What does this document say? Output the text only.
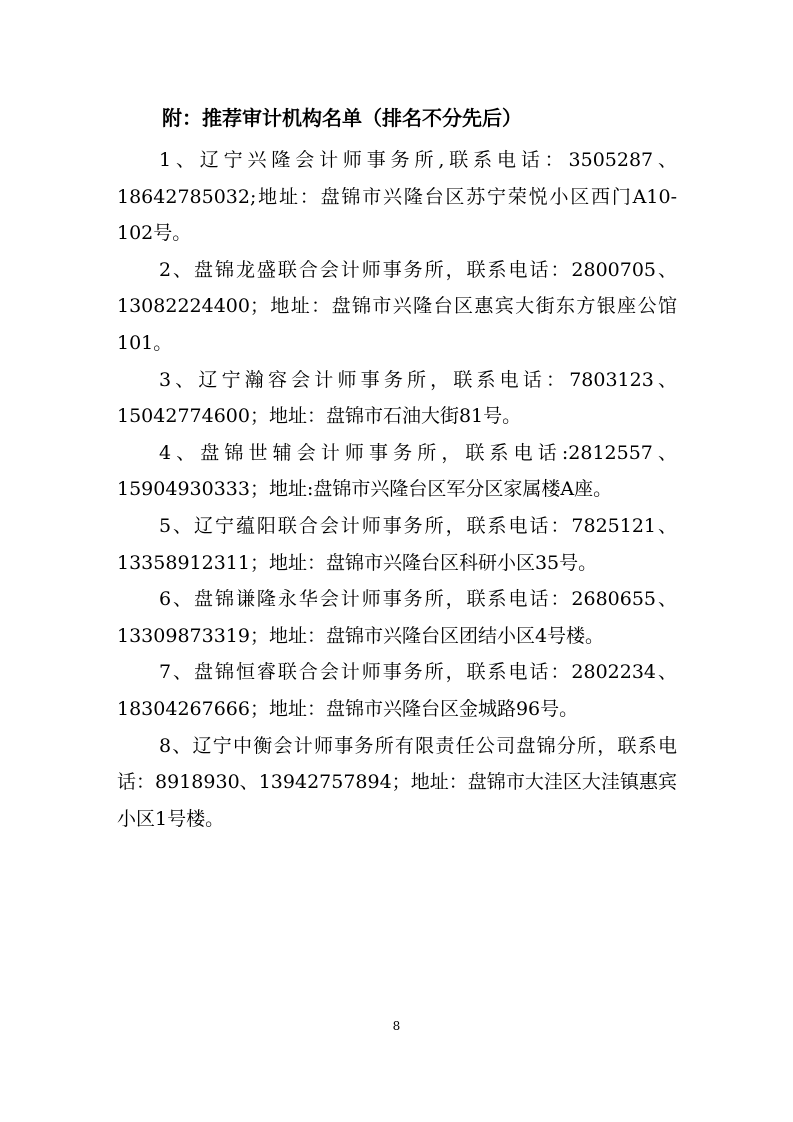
附：推荐审计机构名单（排名不分先后）

1、辽宁兴隆会计师事务所,联系电话：3505287、18642785032;地址：盘锦市兴隆台区苏宁荣悦小区西门A10-102号。

2、盘锦龙盛联合会计师事务所，联系电话：2800705、13082224400；地址：盘锦市兴隆台区惠宾大街东方银座公馆101。

3、辽宁瀚容会计师事务所，联系电话：7803123、15042774600；地址：盘锦市石油大街81号。

4、盘锦世辅会计师事务所，联系电话:2812557、15904930333；地址:盘锦市兴隆台区军分区家属楼A座。

5、辽宁蕴阳联合会计师事务所，联系电话：7825121、13358912311；地址：盘锦市兴隆台区科研小区35号。

6、盘锦谦隆永华会计师事务所，联系电话：2680655、13309873319；地址：盘锦市兴隆台区团结小区4号楼。

7、盘锦恒睿联合会计师事务所，联系电话：2802234、18304267666；地址：盘锦市兴隆台区金城路96号。

8、辽宁中衡会计师事务所有限责任公司盘锦分所，联系电话：8918930、13942757894；地址：盘锦市大洼区大洼镇惠宾小区1号楼。

8
